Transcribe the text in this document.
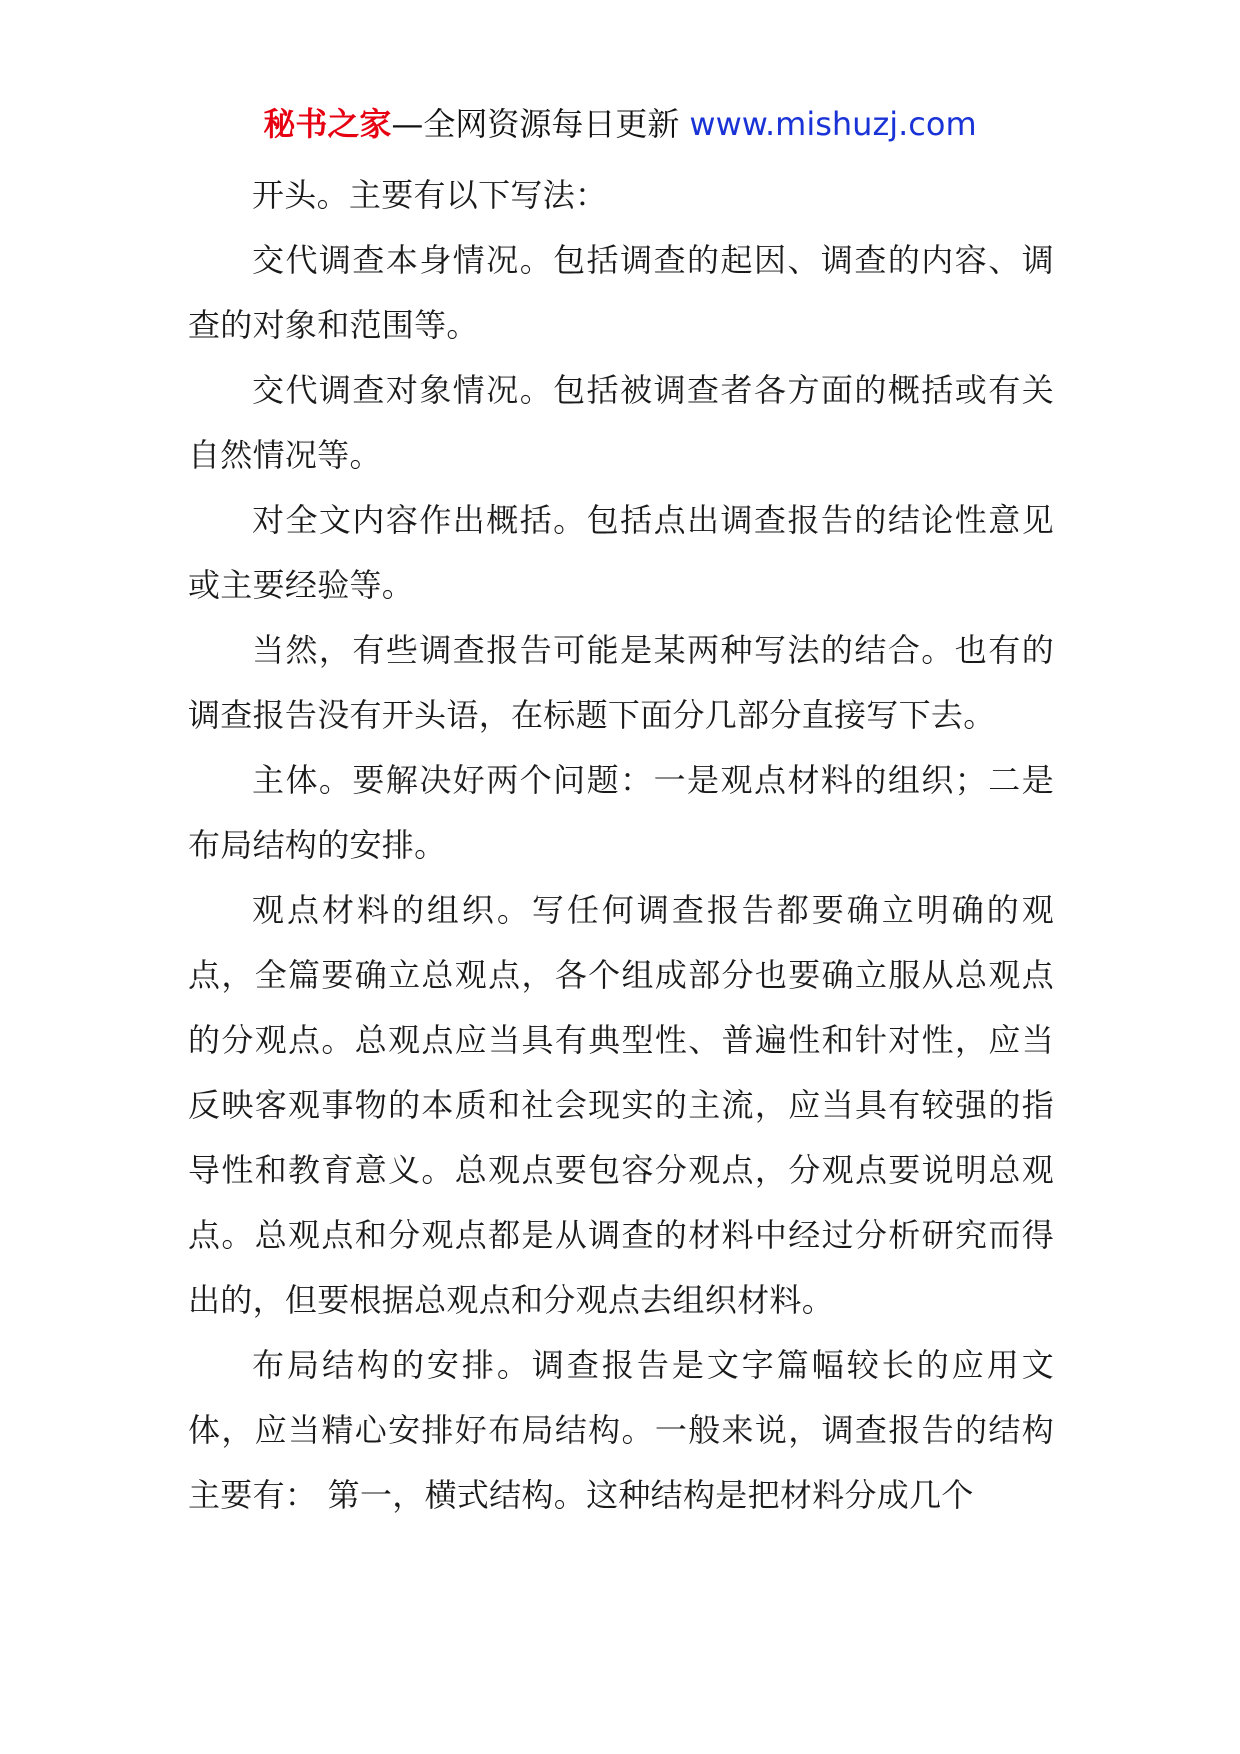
秘书之家—全网资源每日更新 www.mishuzj.com

开头。主要有以下写法：

交代调查本身情况。包括调查的起因、调查的内容、调查的对象和范围等。

交代调查对象情况。包括被调查者各方面的概括或有关自然情况等。

对全文内容作出概括。包括点出调查报告的结论性意见或主要经验等。

当然，有些调查报告可能是某两种写法的结合。也有的调查报告没有开头语，在标题下面分几部分直接写下去。

主体。要解决好两个问题：一是观点材料的组织；二是布局结构的安排。

观点材料的组织。写任何调查报告都要确立明确的观点，全篇要确立总观点，各个组成部分也要确立服从总观点的分观点。总观点应当具有典型性、普遍性和针对性，应当反映客观事物的本质和社会现实的主流，应当具有较强的指导性和教育意义。总观点要包容分观点，分观点要说明总观点。总观点和分观点都是从调查的材料中经过分析研究而得出的，但要根据总观点和分观点去组织材料。

布局结构的安排。调查报告是文字篇幅较长的应用文体，应当精心安排好布局结构。一般来说，调查报告的结构主要有： 第一，横式结构。这种结构是把材料分成几个
